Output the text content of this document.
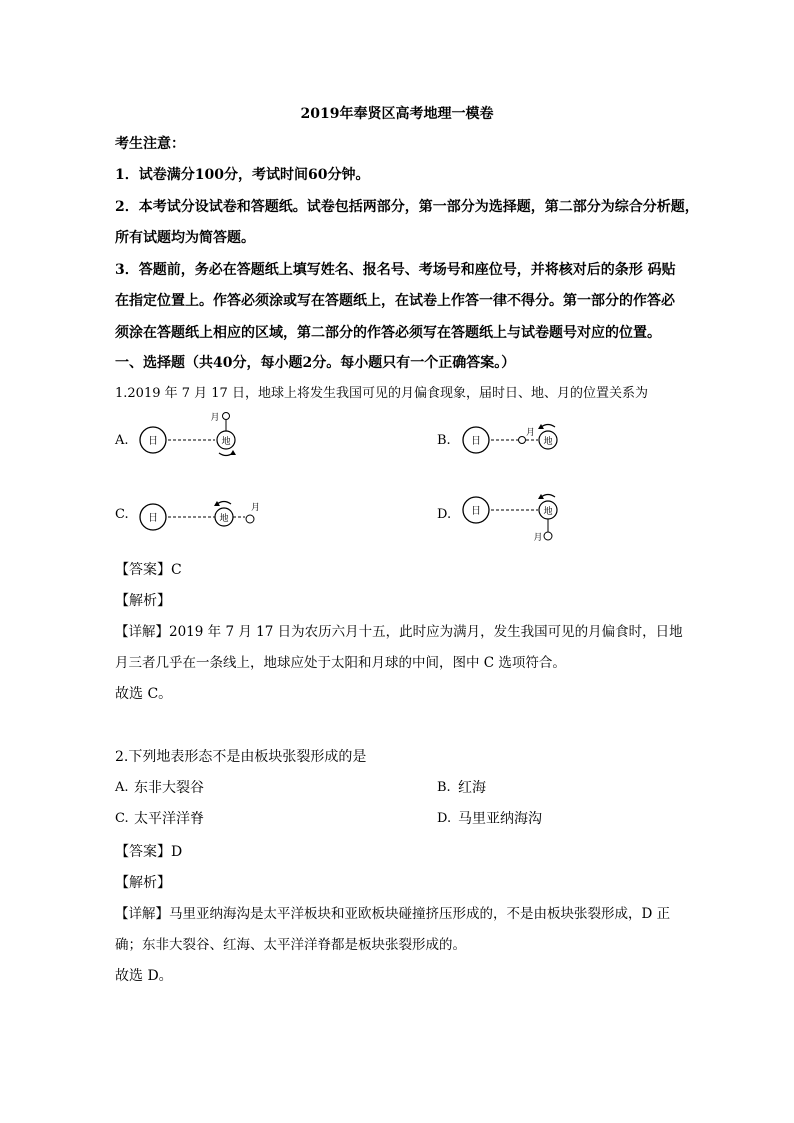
2019年奉贤区高考地理一模卷
考生注意：
1．试卷满分100分，考试时间60分钟。
2．本考试分设试卷和答题纸。试卷包括两部分，第一部分为选择题，第二部分为综合分析题，
所有试题均为简答题。
3．答题前，务必在答题纸上填写姓名、报名号、考场号和座位号，并将核对后的条形 码贴
在指定位置上。作答必须涂或写在答题纸上，在试卷上作答一律不得分。第一部分的作答必
须涂在答题纸上相应的区域，第二部分的作答必须写在答题纸上与试卷题号对应的位置。
一、选择题（共40分，每小题2分。每小题只有一个正确答案。）
1.2019 年 7 月 17 日，地球上将发生我国可见的月偏食现象，届时日、地、月的位置关系为
A. 日	地
月
B. 日
月
地
C. 日	地
月	D. 日	地
月
【答案】C
【解析】
【详解】2019 年 7 月 17 日为农历六月十五，此时应为满月，发生我国可见的月偏食时，日地
月三者几乎在一条线上，地球应处于太阳和月球的中间，图中 C 选项符合。
故选 C。
2.下列地表形态不是由板块张裂形成的是
A. 东非大裂谷	B. 红海
C. 太平洋洋脊	D. 马里亚纳海沟
【答案】D
【解析】
【详解】马里亚纳海沟是太平洋板块和亚欧板块碰撞挤压形成的，不是由板块张裂形成，D 正
确；东非大裂谷、红海、太平洋洋脊都是板块张裂形成的。
故选 D。
